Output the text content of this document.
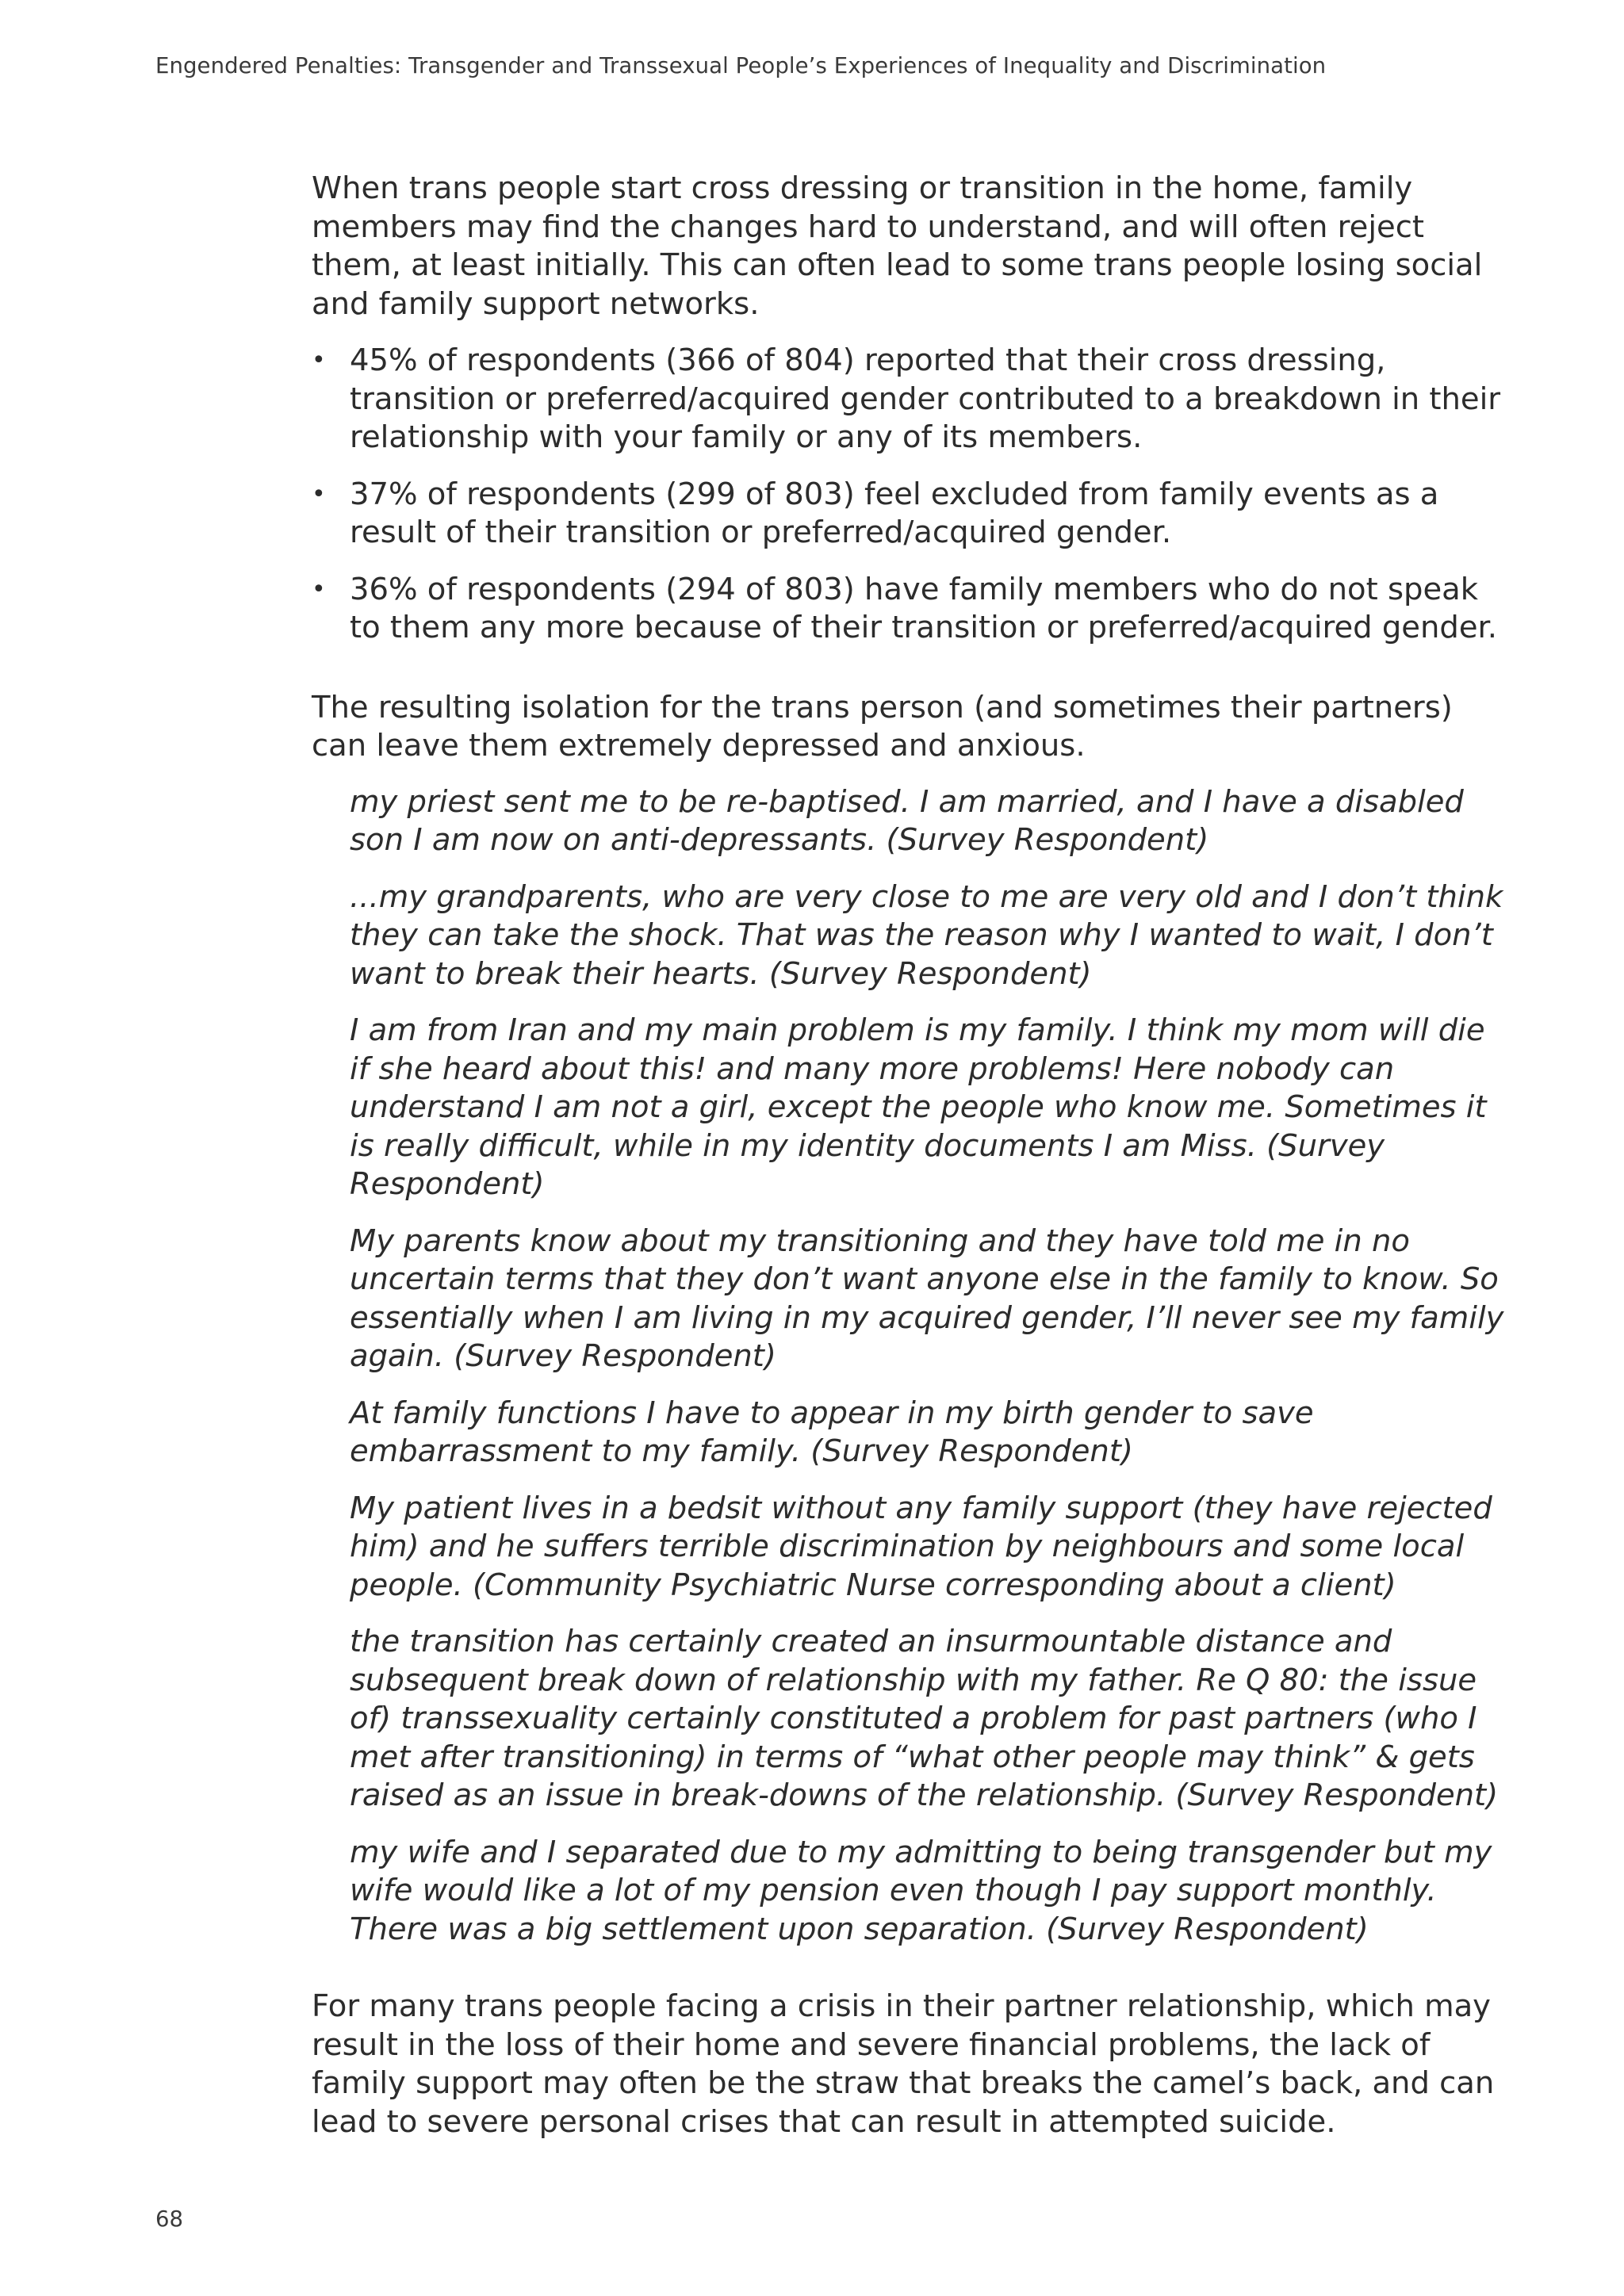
Engendered Penalties: Transgender and Transsexual People’s Experiences of Inequality and Discrimination

When trans people start cross dressing or transition in the home, family members may find the changes hard to understand, and will often reject them, at least initially. This can often lead to some trans people losing social and family support networks.

• 45% of respondents (366 of 804) reported that their cross dressing, transition or preferred/acquired gender contributed to a breakdown in their relationship with your family or any of its members.
• 37% of respondents (299 of 803) feel excluded from family events as a result of their transition or preferred/acquired gender.
• 36% of respondents (294 of 803) have family members who do not speak to them any more because of their transition or preferred/acquired gender.

The resulting isolation for the trans person (and sometimes their partners) can leave them extremely depressed and anxious.

my priest sent me to be re-baptised. I am married, and I have a disabled son I am now on anti-depressants. (Survey Respondent)

...my grandparents, who are very close to me are very old and I don’t think they can take the shock. That was the reason why I wanted to wait, I don’t want to break their hearts. (Survey Respondent)

I am from Iran and my main problem is my family. I think my mom will die if she heard about this! and many more problems! Here nobody can understand I am not a girl, except the people who know me. Sometimes it is really difficult, while in my identity documents I am Miss. (Survey Respondent)

My parents know about my transitioning and they have told me in no uncertain terms that they don’t want anyone else in the family to know. So essentially when I am living in my acquired gender, I’ll never see my family again. (Survey Respondent)

At family functions I have to appear in my birth gender to save embarrassment to my family. (Survey Respondent)

My patient lives in a bedsit without any family support (they have rejected him) and he suffers terrible discrimination by neighbours and some local people. (Community Psychiatric Nurse corresponding about a client)

the transition has certainly created an insurmountable distance and subsequent break down of relationship with my father. Re Q 80: the issue of) transsexuality certainly constituted a problem for past partners (who I met after transitioning) in terms of “what other people may think” & gets raised as an issue in break-downs of the relationship. (Survey Respondent)

my wife and I separated due to my admitting to being transgender but my wife would like a lot of my pension even though I pay support monthly. There was a big settlement upon separation. (Survey Respondent)

For many trans people facing a crisis in their partner relationship, which may result in the loss of their home and severe financial problems, the lack of family support may often be the straw that breaks the camel’s back, and can lead to severe personal crises that can result in attempted suicide.

68
